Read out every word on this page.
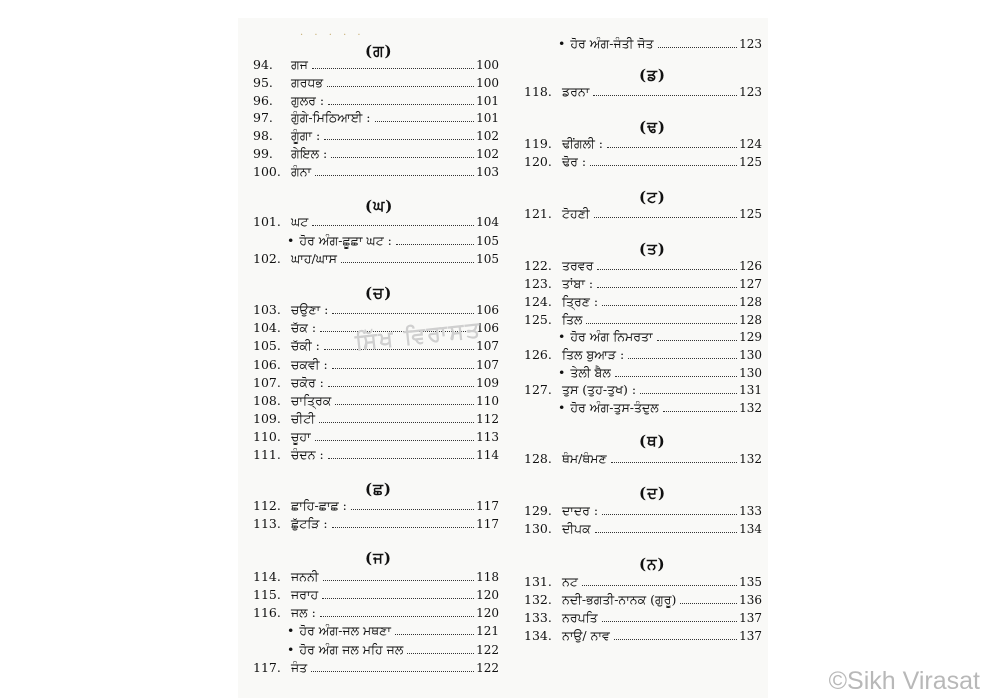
· · · · ·
(ਗ)
94.	ਗਜ	100
95.	ਗਰਧਭ	100
96.	ਗੁਲਰ :	101
97.	ਗੁੰਗੇ-ਮਿਠਿਆਈ :	101
98.	ਗੂੰਗਾ :	102
99.	ਗੇਇਲ :	102
100. ਗੰਨਾ	103
(ਘ)
101. ਘਟ	104
• ਹੋਰ ਅੰਗ-ਛੂਛਾ ਘਟ :	105
102. ਘਾਹ/ਘਾਸ	105
(ਚ)
103. ਚਉਣਾ :	106
104. ਚੱਕ :	106
105. ਚੱਕੀ :	107
106. ਚਕਵੀ :	107
107. ਚਕੋਰ :	109
108. ਚਾਤ੍ਰਿਕ	110
109. ਚੀਟੀ	112
110. ਚੂਹਾ	113
111. ਚੰਦਨ :	114
(ਛ)
112. ਛਾਹਿ-ਛਾਛ :	117
113. ਛੁੱਟੜਿ :	117
(ਜ)
114. ਜਨਨੀ	118
115. ਜਰਾਹ	120
116. ਜਲ :	120
• ਹੋਰ ਅੰਗ-ਜਲ ਮਥਣਾ	121
• ਹੋਰ ਅੰਗ ਜਲ ਮਹਿ ਜਲ	122
117. ਜੰਤ	122
• ਹੋਰ ਅੰਗ-ਜੰਤੀ ਜੋਤ	123
(ਡ)
118. ਡਰਨਾ	123
(ਢ)
119. ਢੀਂਗਲੀ :	124
120. ਢੋਰ :	125
(ਟ)
121. ਟੋਹਣੀ	125
(ਤ)
122. ਤਰਵਰ	126
123. ਤਾਂਬਾ :	127
124. ਤ੍ਰਿਣ :	128
125. ਤਿਲ	128
• ਹੋਰ ਅੰਗ ਨਿਮਰਤਾ	129
126. ਤਿਲ ਬੁਆੜ :	130
• ਤੇਲੀ ਬੈਲ	130
127. ਤੁਸ (ਤੁਹ-ਤੁਖ) :	131
• ਹੋਰ ਅੰਗ-ਤੁਸ-ਤੰਦੁਲ	132
(ਥ)
128. ਥੰਮ/ਥੰਮਣ	132
(ਦ)
129. ਦਾਦਰ :	133
130. ਦੀਪਕ	134
(ਨ)
131. ਨਟ	135
132. ਨਦੀ-ਭਗਤੀ-ਨਾਨਕ (ਗੁਰੂ)	136
133. ਨਰਪਤਿ	137
134. ਨਾਉ/ ਨਾਵ	137
ਸਿੱਖ ਵਿਰਾਸਤ
©Sikh Virasat
